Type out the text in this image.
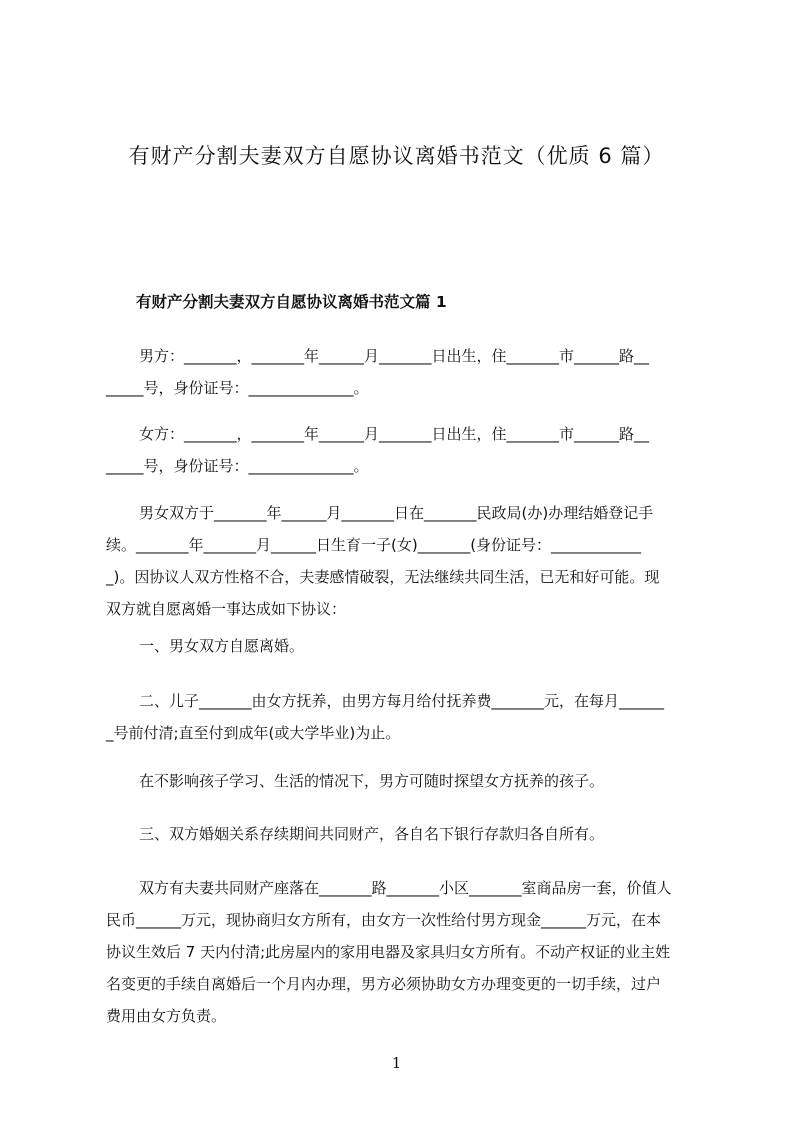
有财产分割夫妻双方自愿协议离婚书范文（优质 6 篇）
有财产分割夫妻双方自愿协议离婚书范文篇 1
男方：_______，_______年______月_______日出生，住_______市______路__
_____号，身份证号：______________。
女方：_______，_______年______月_______日出生，住_______市______路__
_____号，身份证号：______________。
男女双方于_______年______月_______日在_______民政局(办)办理结婚登记手
续。_______年_______月______日生育一子(女)_______(身份证号：____________
_)。因协议人双方性格不合，夫妻感情破裂，无法继续共同生活，已无和好可能。现
双方就自愿离婚一事达成如下协议：
一、男女双方自愿离婚。
二、儿子_______由女方抚养，由男方每月给付抚养费_______元，在每月______
_号前付清;直至付到成年(或大学毕业)为止。
在不影响孩子学习、生活的情况下，男方可随时探望女方抚养的孩子。
三、双方婚姻关系存续期间共同财产，各自名下银行存款归各自所有。
双方有夫妻共同财产座落在_______路_______小区_______室商品房一套，价值人
民币______万元，现协商归女方所有，由女方一次性给付男方现金______万元，在本
协议生效后 7 天内付清;此房屋内的家用电器及家具归女方所有。不动产权证的业主姓
名变更的手续自离婚后一个月内办理，男方必须协助女方办理变更的一切手续，过户
费用由女方负责。
1
